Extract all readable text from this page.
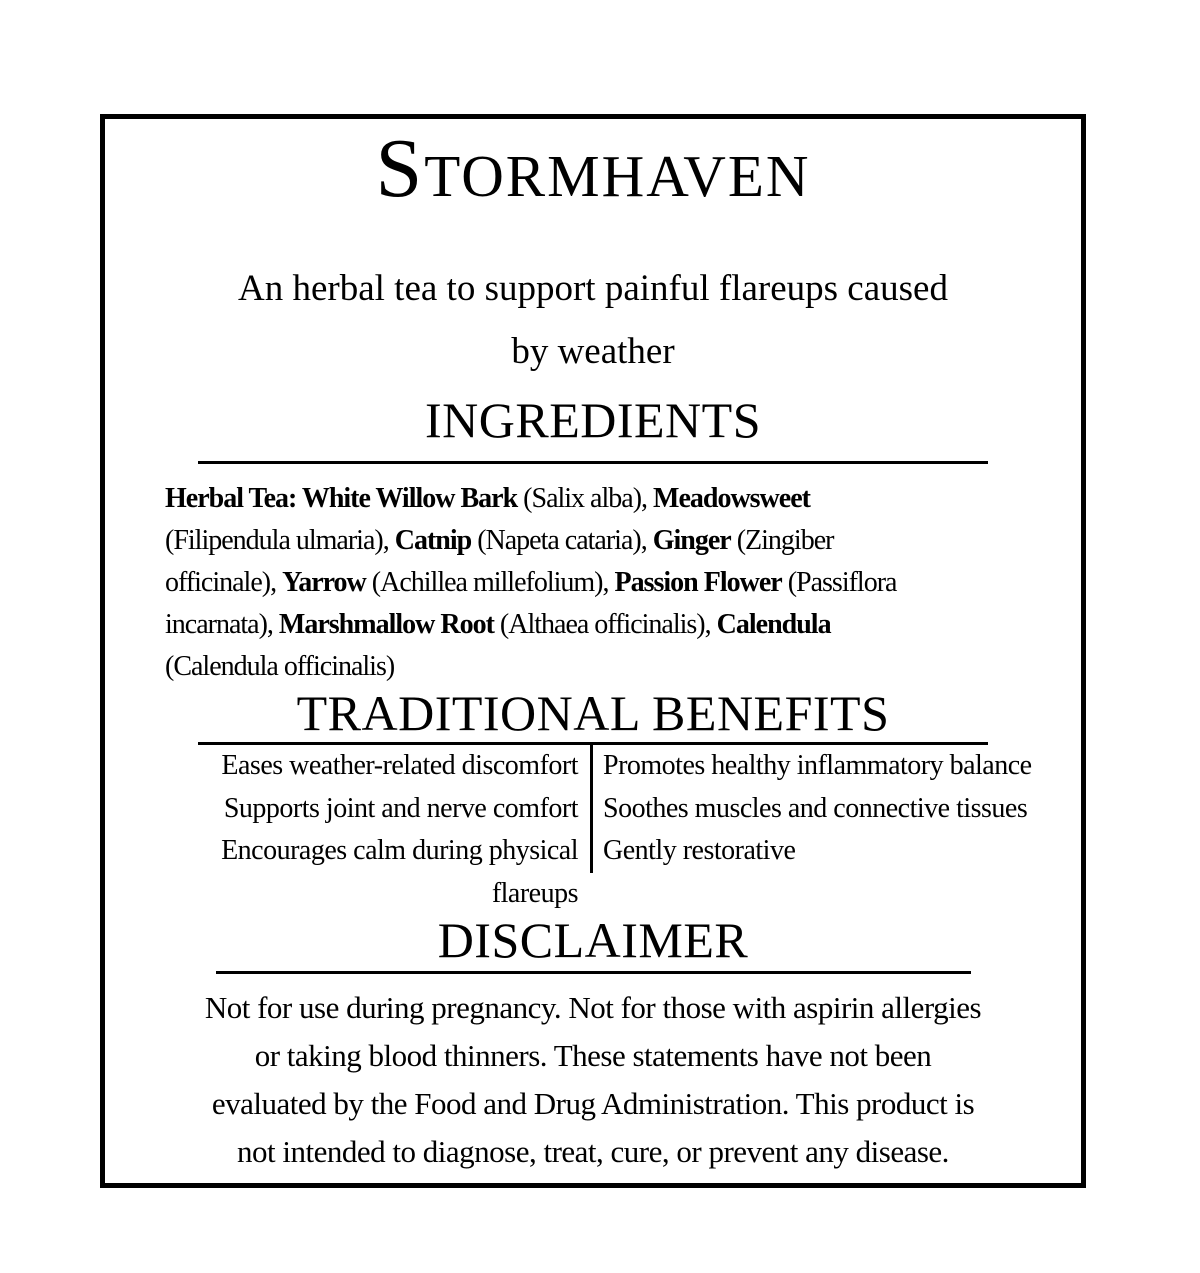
Stormhaven
An herbal tea to support painful flareups caused
by weather
INGREDIENTS
Herbal Tea: White Willow Bark (Salix alba), Meadowsweet
(Filipendula ulmaria), Catnip (Napeta cataria), Ginger (Zingiber
officinale), Yarrow (Achillea millefolium), Passion Flower (Passiflora
incarnata), Marshmallow Root (Althaea officinalis), Calendula
(Calendula officinalis)
TRADITIONAL BENEFITS
Eases weather-related discomfort
Supports joint and nerve comfort
Encourages calm during physical
flareups
Promotes healthy inflammatory balance
Soothes muscles and connective tissues
Gently restorative
DISCLAIMER
Not for use during pregnancy. Not for those with aspirin allergies
or taking blood thinners. These statements have not been
evaluated by the Food and Drug Administration. This product is
not intended to diagnose, treat, cure, or prevent any disease.
